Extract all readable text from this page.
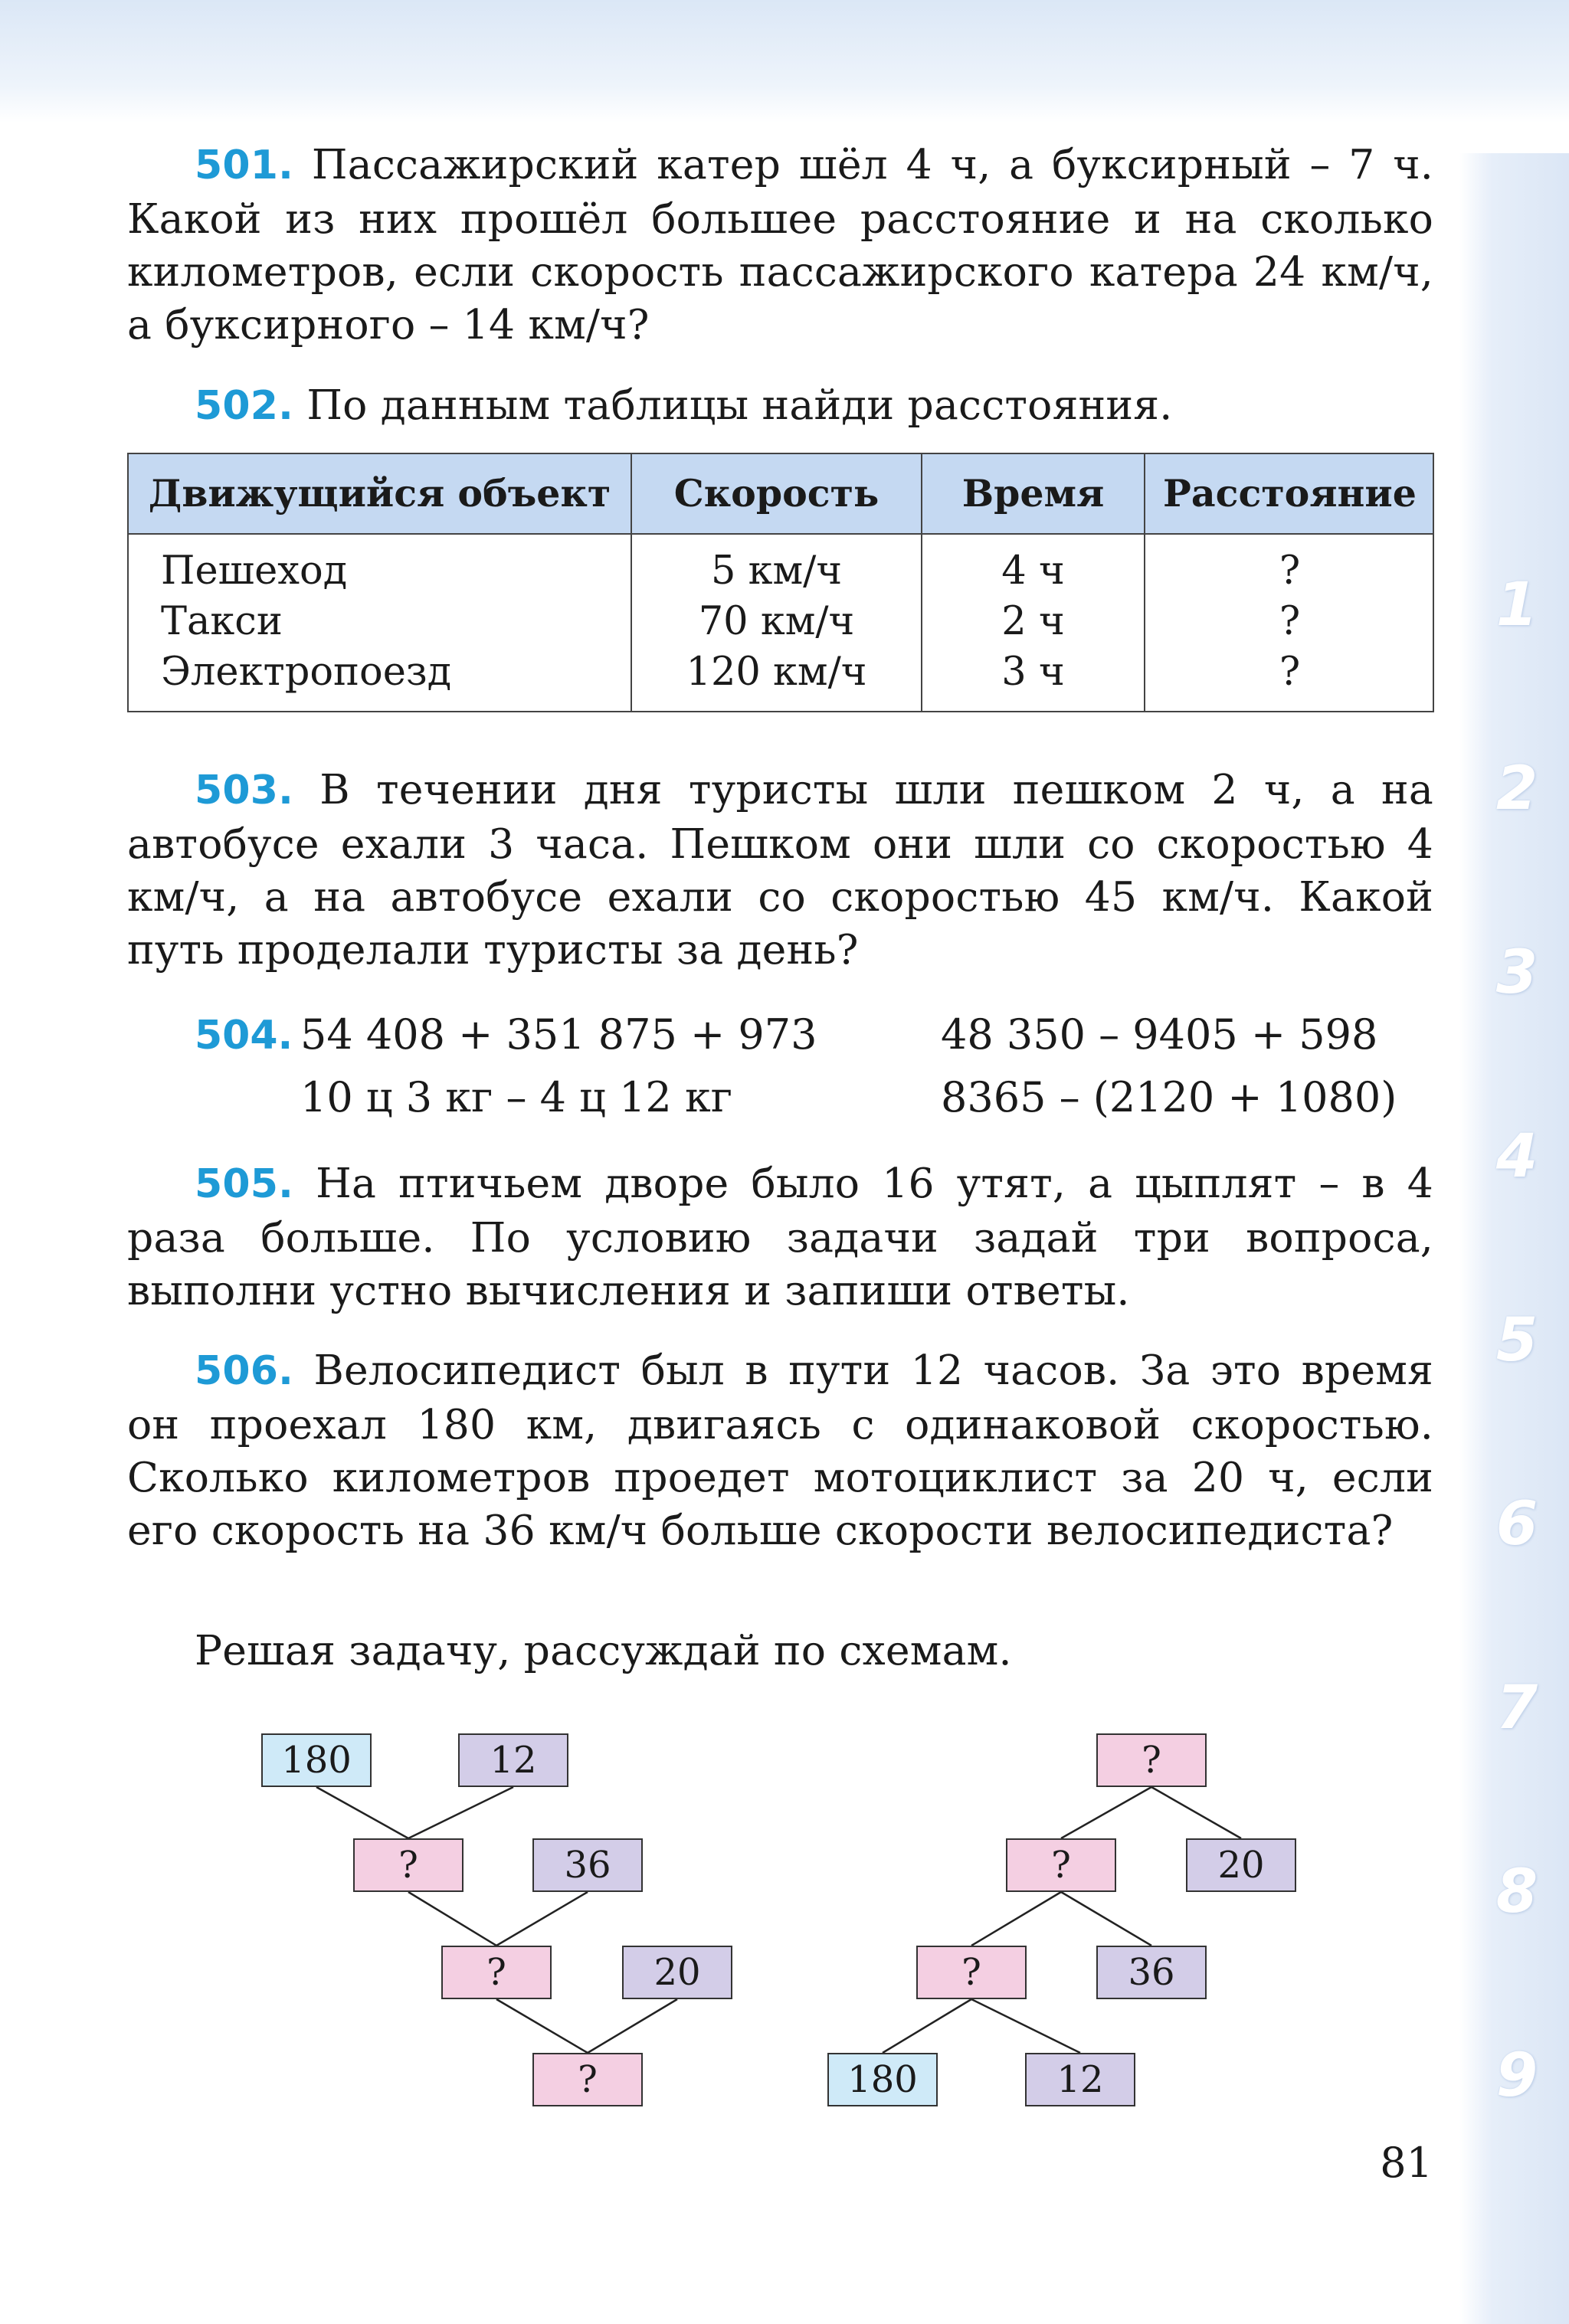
1
2
3
4
5
6
7
8
9

501. Пассажирский катер шёл 4 ч, а буксирный – 7 ч. Какой из них прошёл большее расстояние и на сколько километров, если скорость пассажирского катера 24 км/ч, а буксирного – 14 км/ч?

502. По данным таблицы найди расстояния.

Движущийся объект	Скорость	Время	Расстояние
Пешеход	5 км/ч	4 ч	?
Такси	70 км/ч	2 ч	?
Электропоезд	120 км/ч	3 ч	?

503. В течении дня туристы шли пешком 2 ч, а на автобусе ехали 3 часа. Пешком они шли со скоростью 4 км/ч, а на автобусе ехали со скоростью 45 км/ч. Какой путь проделали туристы за день?

504. 54 408 + 351 875 + 973	48 350 – 9405 + 598
10 ц 3 кг – 4 ц 12 кг	8365 – (2120 + 1080)

505. На птичьем дворе было 16 утят, а цыплят – в 4 раза больше. По условию задачи задай три вопроса, выполни устно вычисления и запиши ответы.

506. Велосипедист был в пути 12 часов. За это время он проехал 180 км, двигаясь с одинаковой скоростью. Сколько километров проедет мотоциклист за 20 ч, если его скорость на 36 км/ч больше скорости велосипедиста?

Решая задачу, рассуждай по схемам.

180	12
?	36
?	20
?
?
?	20
?	36
180	12
81
